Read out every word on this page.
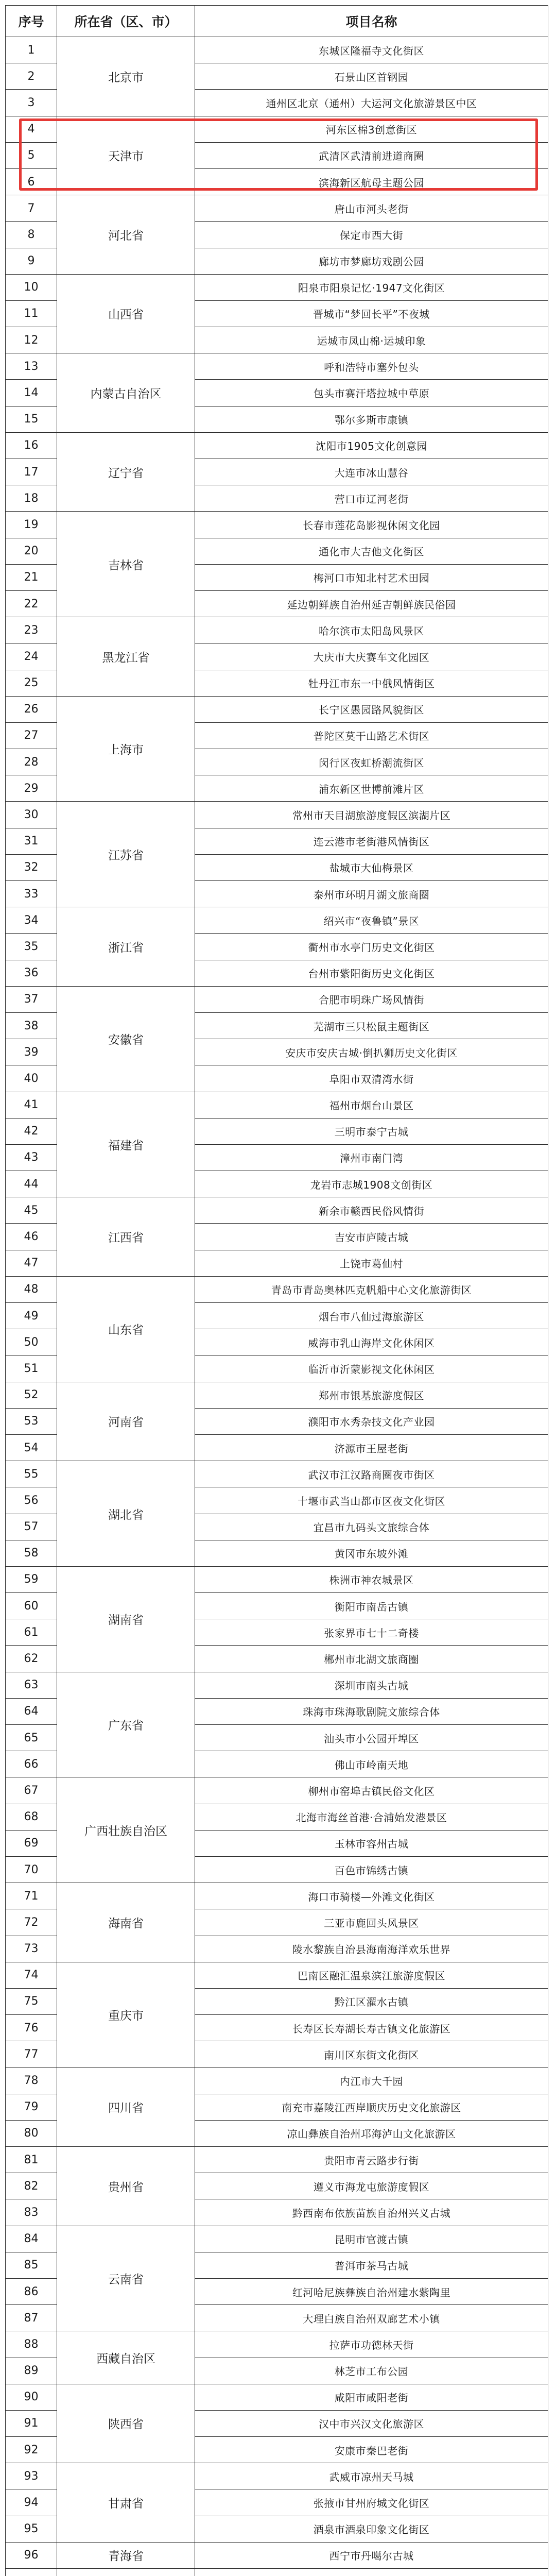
序号	所在省（区、市）	项目名称
1	北京市	东城区隆福寺文化街区
2		石景山区首钢园
3		通州区北京（通州）大运河文化旅游景区中区
4	天津市	河东区棉3创意街区
5		武清区武清前进道商圈
6		滨海新区航母主题公园
7	河北省	唐山市河头老街
8		保定市西大街
9		廊坊市梦廊坊戏剧公园
10	山西省	阳泉市阳泉记忆·1947文化街区
11		晋城市“梦回长平”不夜城
12		运城市凤山棉·运城印象
13	内蒙古自治区	呼和浩特市塞外包头
14		包头市赛汗塔拉城中草原
15		鄂尔多斯市康镇
16	辽宁省	沈阳市1905文化创意园
17		大连市冰山慧谷
18		营口市辽河老街
19	吉林省	长春市莲花岛影视休闲文化园
20		通化市大吉他文化街区
21		梅河口市知北村艺术田园
22		延边朝鲜族自治州延吉朝鲜族民俗园
23	黑龙江省	哈尔滨市太阳岛风景区
24		大庆市大庆赛车文化园区
25		牡丹江市东一中俄风情街区
26	上海市	长宁区愚园路风貌街区
27		普陀区莫干山路艺术街区
28		闵行区夜虹桥潮流街区
29		浦东新区世博前滩片区
30	江苏省	常州市天目湖旅游度假区滨湖片区
31		连云港市老街港风情街区
32		盐城市大仙梅景区
33		泰州市环明月湖文旅商圈
34	浙江省	绍兴市“夜鲁镇”景区
35		衢州市水亭门历史文化街区
36		台州市紫阳街历史文化街区
37	安徽省	合肥市明珠广场风情街
38		芜湖市三只松鼠主题街区
39		安庆市安庆古城·倒扒狮历史文化街区
40		阜阳市双清湾水街
41	福建省	福州市烟台山景区
42		三明市泰宁古城
43		漳州市南门湾
44		龙岩市志城1908文创街区
45	江西省	新余市赣西民俗风情街
46		吉安市庐陵古城
47		上饶市葛仙村
48	山东省	青岛市青岛奥林匹克帆船中心文化旅游街区
49		烟台市八仙过海旅游区
50		威海市乳山海岸文化休闲区
51		临沂市沂蒙影视文化休闲区
52	河南省	郑州市银基旅游度假区
53		濮阳市水秀杂技文化产业园
54		济源市王屋老街
55	湖北省	武汉市江汉路商圈夜市街区
56		十堰市武当山都市区夜文化街区
57		宜昌市九码头文旅综合体
58		黄冈市东坡外滩
59	湖南省	株洲市神农城景区
60		衡阳市南岳古镇
61		张家界市七十二奇楼
62		郴州市北湖文旅商圈
63	广东省	深圳市南头古城
64		珠海市珠海歌剧院文旅综合体
65		汕头市小公园开埠区
66		佛山市岭南天地
67	广西壮族自治区	柳州市窑埠古镇民俗文化区
68		北海市海丝首港·合浦始发港景区
69		玉林市容州古城
70		百色市锦绣古镇
71	海南省	海口市骑楼—外滩文化街区
72		三亚市鹿回头风景区
73		陵水黎族自治县海南海洋欢乐世界
74	重庆市	巴南区融汇温泉滨江旅游度假区
75		黔江区濯水古镇
76		长寿区长寿湖长寿古镇文化旅游区
77		南川区东街文化街区
78	四川省	内江市大千园
79		南充市嘉陵江西岸顺庆历史文化旅游区
80		凉山彝族自治州邛海泸山文化旅游区
81	贵州省	贵阳市青云路步行街
82		遵义市海龙屯旅游度假区
83		黔西南布依族苗族自治州兴义古城
84	云南省	昆明市官渡古镇
85		普洱市茶马古城
86		红河哈尼族彝族自治州建水紫陶里
87		大理白族自治州双廊艺术小镇
88	西藏自治区	拉萨市功德林天街
89		林芝市工布公园
90	陕西省	咸阳市咸阳老街
91		汉中市兴汉文化旅游区
92		安康市秦巴老街
93	甘肃省	武威市凉州天马城
94		张掖市甘州府城文化街区
95		酒泉市酒泉印象文化街区
96	青海省	西宁市丹噶尔古城
